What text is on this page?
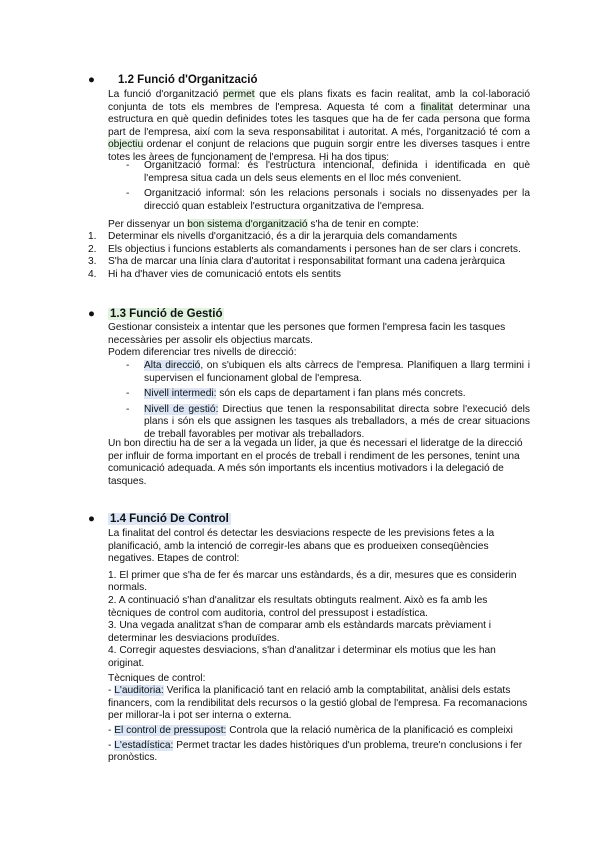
● 1.2 Funció d'Organització

La funció d'organització permet que els plans fixats es facin realitat, amb la col·laboració conjunta de tots els membres de l'empresa. Aquesta té com a finalitat determinar una estructura en què quedin definides totes les tasques que ha de fer cada persona que forma part de l'empresa, així com la seva responsabilitat i autoritat. A més, l'organització té com a objectiu ordenar el conjunt de relacions que puguin sorgir entre les diverses tasques i entre totes les àrees de funcionament de l'empresa. Hi ha dos tipus:

- Organització formal: és l'estructura intencional, definida i identificada en què l'empresa situa cada un dels seus elements en el lloc més convenient.

- Organització informal: són les relacions personals i socials no dissenyades per la direcció quan estableix l'estructura organitzativa de l'empresa.

Per dissenyar un bon sistema d'organització s'ha de tenir en compte:

1. Determinar els nivells d'organització, és a dir la jerarquia dels comandaments

2. Els objectius i funcions establerts als comandaments i persones han de ser clars i concrets.

3. S'ha de marcar una línia clara d'autoritat i responsabilitat formant una cadena jeràrquica

4. Hi ha d'haver vies de comunicació entots els sentits

● 1.3 Funció de Gestió

Gestionar consisteix a intentar que les persones que formen l'empresa facin les tasques necessàries per assolir els objectius marcats.

Podem diferenciar tres nivells de direcció:

- Alta direcció, on s'ubiquen els alts càrrecs de l'empresa. Planifiquen a llarg termini i supervisen el funcionament global de l'empresa.

- Nivell intermedi: són els caps de departament i fan plans més concrets.

- Nivell de gestió: Directius que tenen la responsabilitat directa sobre l'execució dels plans i són els que assignen les tasques als treballadors, a més de crear situacions de treball favorables per motivar als treballadors.

Un bon directiu ha de ser a la vegada un líder, ja que és necessari el lideratge de la direcció per influir de forma important en el procés de treball i rendiment de les persones, tenint una comunicació adequada. A més són importants els incentius motivadors i la delegació de tasques.

● 1.4 Funció De Control

La finalitat del control és detectar les desviacions respecte de les previsions fetes a la planificació, amb la intenció de corregir-les abans que es produeixen conseqüències negatives. Etapes de control:

1. El primer que s'ha de fer és marcar uns estàndards, és a dir, mesures que es considerin normals.

2. A continuació s'han d'analitzar els resultats obtinguts realment. Això es fa amb les tècniques de control com auditoria, control del pressupost i estadística.

3. Una vegada analitzat s'han de comparar amb els estàndards marcats prèviament i determinar les desviacions produïdes.

4. Corregir aquestes desviacions, s'han d'analitzar i determinar els motius que les han originat.

Tècniques de control:

- L'auditoria: Verifica la planificació tant en relació amb la comptabilitat, anàlisi dels estats financers, com la rendibilitat dels recursos o la gestió global de l'empresa. Fa recomanacions per millorar-la i pot ser interna o externa.

- El control de pressupost: Controla que la relació numèrica de la planificació es compleixi

- L'estadística: Permet tractar les dades històriques d'un problema, treure'n conclusions i fer pronòstics.
